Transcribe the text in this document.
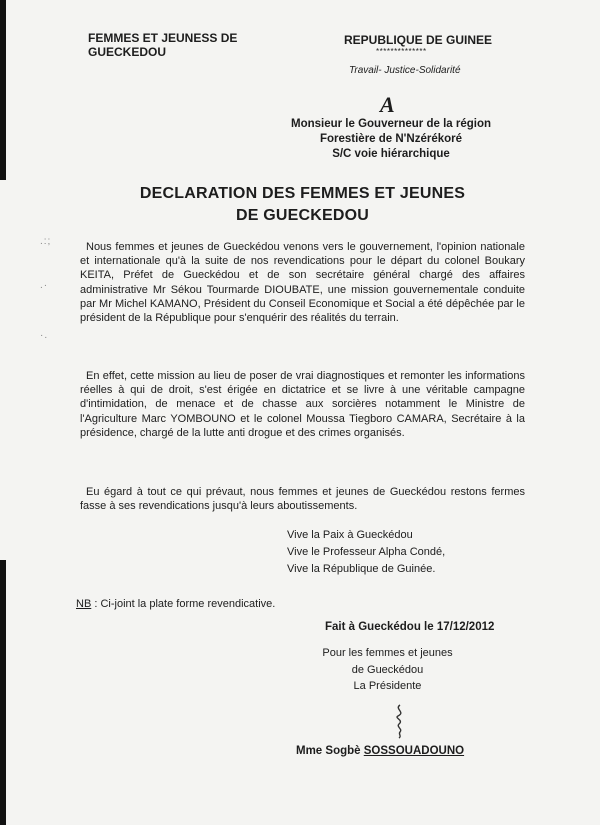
FEMMES ET JEUNESS DE
GUECKEDOU
REPUBLIQUE DE GUINEE
**************
Travail- Justice-Solidarité
A
Monsieur le Gouverneur de la région
Forestière de N'Nzérékoré
S/C voie hiérarchique
DECLARATION DES FEMMES ET JEUNES
DE GUECKEDOU
.:;
.·
·.
Nous femmes et jeunes de Gueckédou venons vers le gouvernement, l'opinion nationale et internationale qu'à la suite de nos revendications pour le départ du colonel Boukary KEITA, Préfet de Gueckédou et de son secrétaire général chargé des affaires administrative Mr Sékou Tourmarde DIOUBATE, une mission gouvernementale conduite par Mr Michel KAMANO, Président du Conseil Economique et Social a été dépêchée par le président de la République pour s'enquérir des réalités du terrain.
En effet, cette mission au lieu de poser de vrai diagnostiques et remonter les informations réelles à qui de droit, s'est érigée en dictatrice et se livre à une véritable campagne d'intimidation, de menace et de chasse aux sorcières notamment le Ministre de l'Agriculture Marc YOMBOUNO et le colonel Moussa Tiegboro CAMARA, Secrétaire à la présidence, chargé de la lutte anti drogue et des crimes organisés.
Eu égard à tout ce qui prévaut, nous femmes et jeunes de Gueckédou restons fermes fasse à ses revendications jusqu'à leurs aboutissements.
Vive la Paix à Gueckédou
Vive le Professeur Alpha Condé,
Vive la République de Guinée.
NB : Ci-joint la plate forme revendicative.
Fait à Gueckédou le 17/12/2012
Pour les femmes et jeunes
de Gueckédou
La Présidente
Mme Sogbè SOSSOUADOUNO
